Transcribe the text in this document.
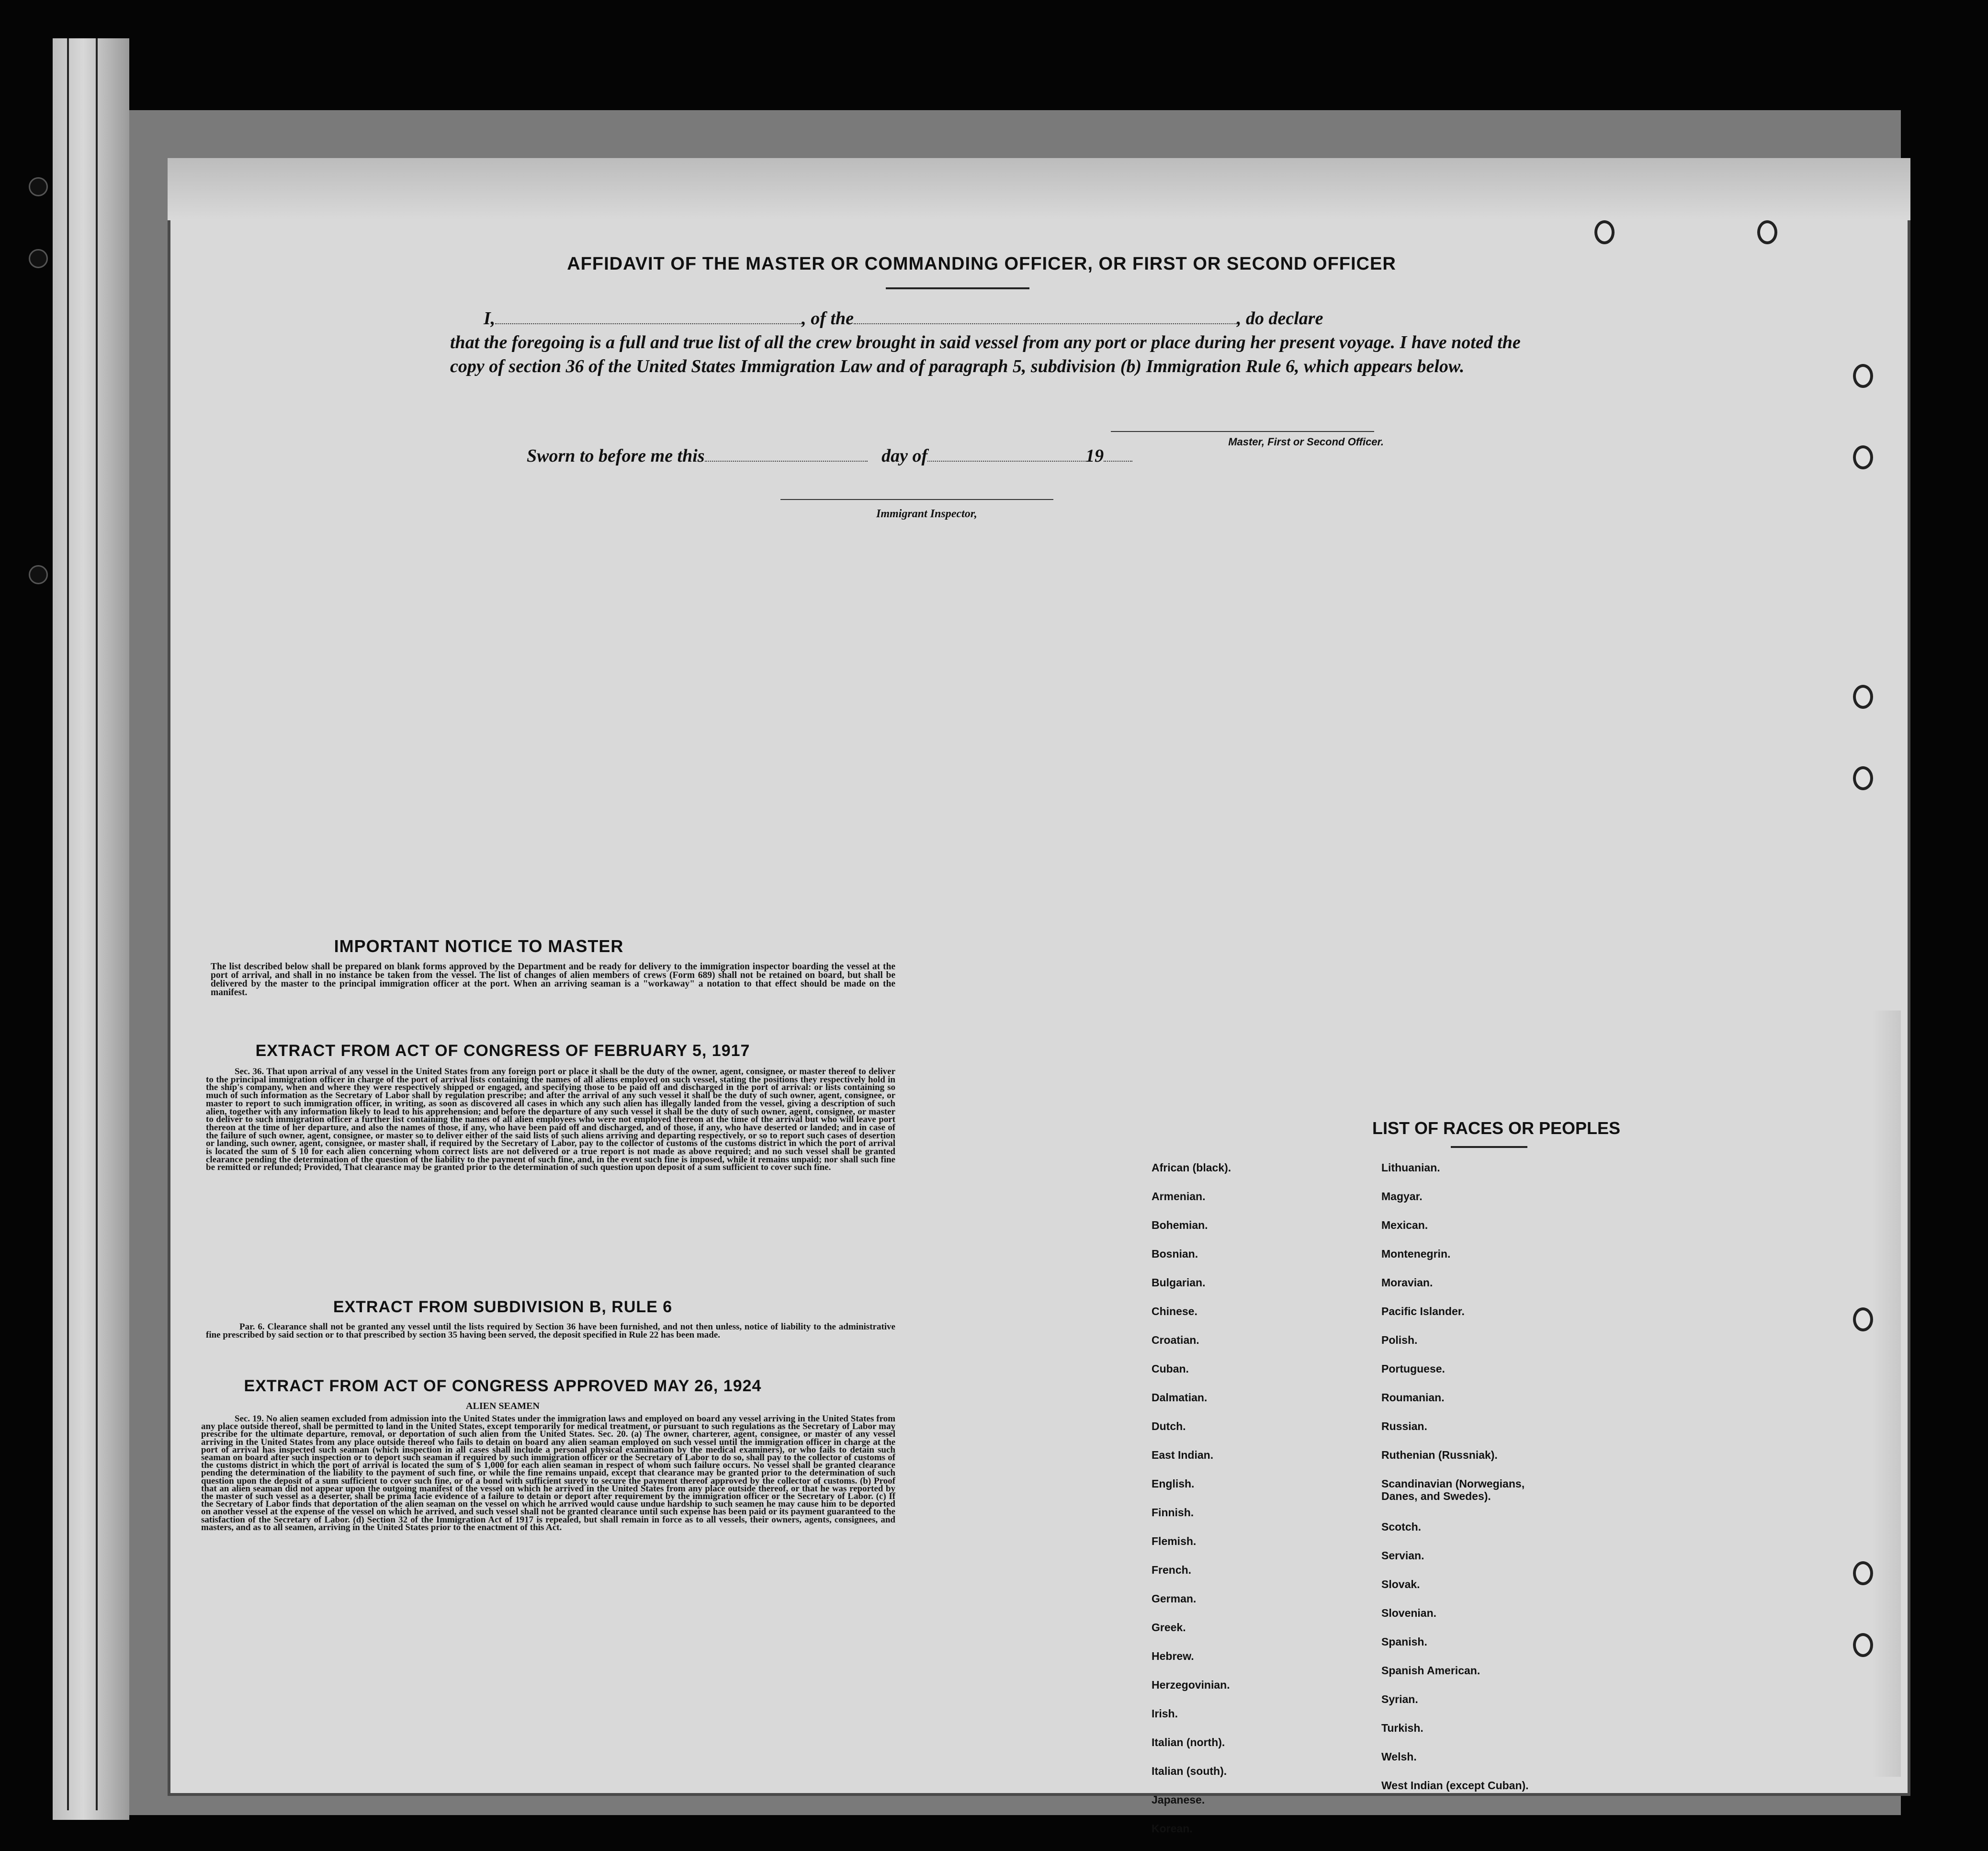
AFFIDAVIT OF THE MASTER OR COMMANDING OFFICER, OR FIRST OR SECOND OFFICER
I,	, of the	, do declare
that the foregoing is a full and true list of all the crew brought in said vessel from any port or place during her present voyage. I have noted the copy of section 36 of the United States Immigration Law and of paragraph 5, subdivision (b) Immigration Rule 6, which appears below.
Master, First or Second Officer.
Sworn to before me this	day of	19
Immigrant Inspector,
IMPORTANT NOTICE TO MASTER
The list described below shall be prepared on blank forms approved by the Department and be ready for delivery to the immigration inspector boarding the vessel at the port of arrival, and shall in no instance be taken from the vessel. The list of changes of alien members of crews (Form 689) shall not be retained on board, but shall be delivered by the master to the principal immigration officer at the port. When an arriving seaman is a "workaway" a notation to that effect should be made on the manifest.
EXTRACT FROM ACT OF CONGRESS OF FEBRUARY 5, 1917
Sec. 36. That upon arrival of any vessel in the United States from any foreign port or place it shall be the duty of the owner, agent, consignee, or master thereof to deliver to the principal immigration officer in charge of the port of arrival lists containing the names of all aliens employed on such vessel, stating the positions they respectively hold in the ship's company, when and where they were respectively shipped or engaged, and specifying those to be paid off and discharged in the port of arrival: or lists containing so much of such information as the Secretary of Labor shall by regulation prescribe; and after the arrival of any such vessel it shall be the duty of such owner, agent, consignee, or master to report to such immigration officer, in writing, as soon as discovered all cases in which any such alien has illegally landed from the vessel, giving a description of such alien, together with any information likely to lead to his apprehension; and before the departure of any such vessel it shall be the duty of such owner, agent, consignee, or master to deliver to such immigration officer a further list containing the names of all alien employees who were not employed thereon at the time of the arrival but who will leave port thereon at the time of her departure, and also the names of those, if any, who have been paid off and discharged, and of those, if any, who have deserted or landed; and in case of the failure of such owner, agent, consignee, or master so to deliver either of the said lists of such aliens arriving and departing respectively, or so to report such cases of desertion or landing, such owner, agent, consignee, or master shall, if required by the Secretary of Labor, pay to the collector of customs of the customs district in which the port of arrival is located the sum of $ 10 for each alien concerning whom correct lists are not delivered or a true report is not made as above required; and no such vessel shall be granted clearance pending the determination of the question of the liability to the payment of such fine, and, in the event such fine is imposed, while it remains unpaid; nor shall such fine be remitted or refunded; Provided, That clearance may be granted prior to the determination of such question upon deposit of a sum sufficient to cover such fine.
EXTRACT FROM SUBDIVISION B, RULE 6
Par. 6. Clearance shall not be granted any vessel until the lists required by Section 36 have been furnished, and not then unless, notice of liability to the administrative fine prescribed by said section or to that prescribed by section 35 having been served, the deposit specified in Rule 22 has been made.
EXTRACT FROM ACT OF CONGRESS APPROVED MAY 26, 1924
ALIEN SEAMEN
Sec. 19. No alien seamen excluded from admission into the United States under the immigration laws and employed on board any vessel arriving in the United States from any place outside thereof, shall be permitted to land in the United States, except temporarily for medical treatment, or pursuant to such regulations as the Secretary of Labor may prescribe for the ultimate departure, removal, or deportation of such alien from the United States. Sec. 20. (a) The owner, charterer, agent, consignee, or master of any vessel arriving in the United States from any place outside thereof who fails to detain on board any alien seaman employed on such vessel until the immigration officer in charge at the port of arrival has inspected such seaman (which inspection in all cases shall include a personal physical examination by the medical examiners), or who fails to detain such seaman on board after such inspection or to deport such seaman if required by such immigration officer or the Secretary of Labor to do so, shall pay to the collector of customs of the customs district in which the port of arrival is located the sum of $ 1,000 for each alien seaman in respect of whom such failure occurs. No vessel shall be granted clearance pending the determination of the liability to the payment of such fine, or while the fine remains unpaid, except that clearance may be granted prior to the determination of such question upon the deposit of a sum sufficient to cover such fine, or of a bond with sufficient surety to secure the payment thereof approved by the collector of customs. (b) Proof that an alien seaman did not appear upon the outgoing manifest of the vessel on which he arrived in the United States from any place outside thereof, or that he was reported by the master of such vessel as a deserter, shall be prima facie evidence of a failure to detain or deport after requirement by the immigration officer or the Secretary of Labor. (c) If the Secretary of Labor finds that deportation of the alien seaman on the vessel on which he arrived would cause undue hardship to such seamen he may cause him to be deported on another vessel at the expense of the vessel on which he arrived, and such vessel shall not be granted clearance until such expense has been paid or its payment guaranteed to the satisfaction of the Secretary of Labor. (d) Section 32 of the Immigration Act of 1917 is repealed, but shall remain in force as to all vessels, their owners, agents, consignees, and masters, and as to all seamen, arriving in the United States prior to the enactment of this Act.
LIST OF RACES OR PEOPLES
African (black).
Armenian.
Bohemian.
Bosnian.
Bulgarian.
Chinese.
Croatian.
Cuban.
Dalmatian.
Dutch.
East Indian.
English.
Finnish.
Flemish.
French.
German.
Greek.
Hebrew.
Herzegovinian.
Irish.
Italian (north).
Italian (south).
Japanese.
Korean.
Lithuanian.
Magyar.
Mexican.
Montenegrin.
Moravian.
Pacific Islander.
Polish.
Portuguese.
Roumanian.
Russian.
Ruthenian (Russniak).
Scandinavian (Norwegians, Danes, and Swedes).
Scotch.
Servian.
Slovak.
Slovenian.
Spanish.
Spanish American.
Syrian.
Turkish.
Welsh.
West Indian (except Cuban).
